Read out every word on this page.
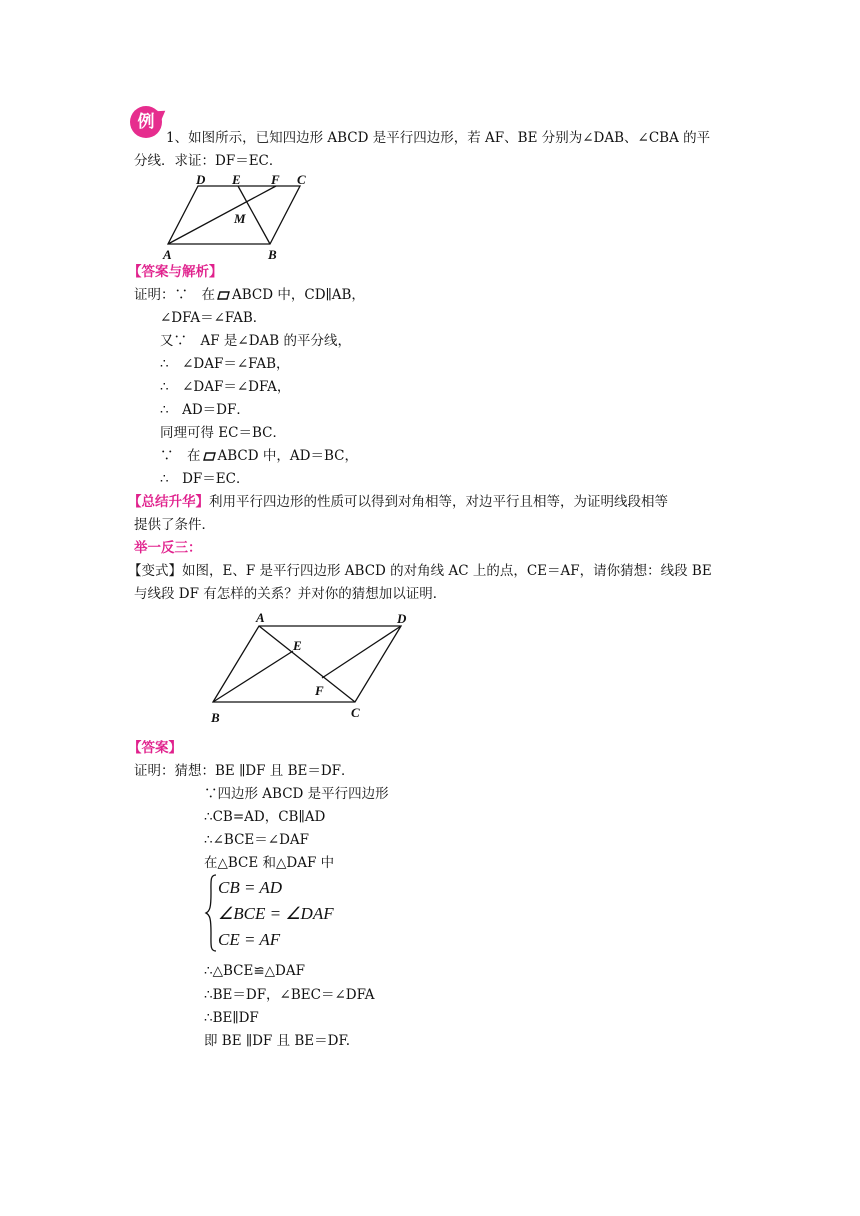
例
1、如图所示，已知四边形 ABCD 是平行四边形，若 AF、BE 分别为∠DAB、∠CBA 的平
分线．求证：DF＝EC．
D E F C
M
A	B
【答案与解析】
证明：∵　在 ABCD 中，CD∥AB，
∠DFA＝∠FAB．
又∵　AF 是∠DAB 的平分线，
∴　∠DAF＝∠FAB，
∴　∠DAF＝∠DFA，
∴　AD＝DF．
同理可得 EC＝BC．
∵　在 ABCD 中，AD＝BC，
∴　DF＝EC．
【总结升华】利用平行四边形的性质可以得到对角相等，对边平行且相等，为证明线段相等
提供了条件．
举一反三：
【变式】如图，E、F 是平行四边形 ABCD 的对角线 AC 上的点，CE＝AF，请你猜想：线段 BE
与线段 DF 有怎样的关系？并对你的猜想加以证明．
A	D
E
F
B	C
【答案】
证明：猜想：BE ∥DF 且 BE＝DF．
∵四边形 ABCD 是平行四边形
∴CB=AD，CB∥AD
∴∠BCE＝∠DAF
在△BCE 和△DAF 中
CB = AD
∠BCE = ∠DAF
CE = AF
∴△BCE≌△DAF
∴BE＝DF，∠BEC＝∠DFA
∴BE∥DF
即 BE ∥DF 且 BE＝DF.
